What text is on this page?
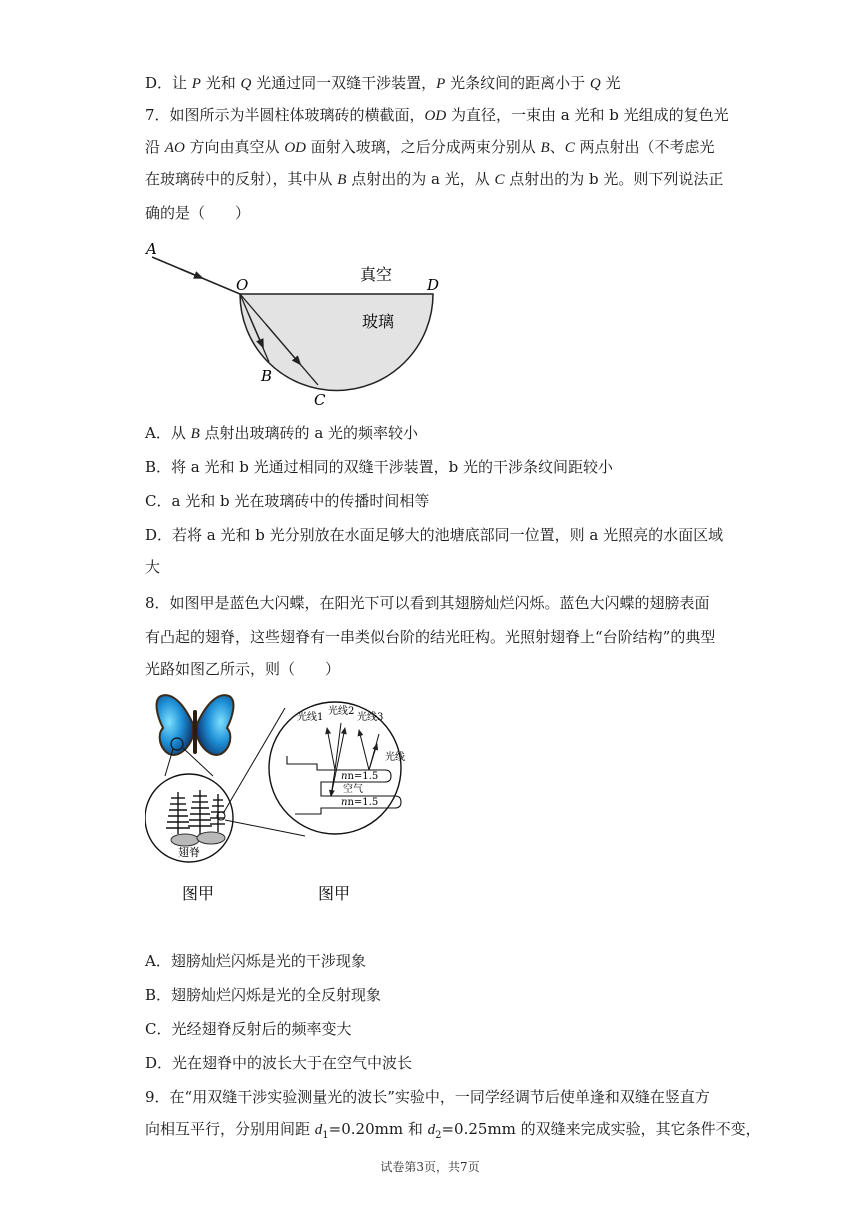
D．让 P 光和 Q 光通过同一双缝干涉装置，P 光条纹间的距离小于 Q 光
7．如图所示为半圆柱体玻璃砖的横截面，OD 为直径，一束由 a 光和 b 光组成的复色光
沿 AO 方向由真空从 OD 面射入玻璃，之后分成两束分别从 B、C 两点射出（不考虑光
在玻璃砖中的反射），其中从 B 点射出的为 a 光，从 C 点射出的为 b 光。则下列说法正
确的是（　　）
A
O	D
B
C
真空
玻璃
A．从 B 点射出玻璃砖的 a 光的频率较小
B．将 a 光和 b 光通过相同的双缝干涉装置，b 光的干涉条纹间距较小
C．a 光和 b 光在玻璃砖中的传播时间相等
D．若将 a 光和 b 光分别放在水面足够大的池塘底部同一位置，则 a 光照亮的水面区域
大
8．如图甲是蓝色大闪蝶，在阳光下可以看到其翅膀灿烂闪烁。蓝色大闪蝶的翅膀表面
有凸起的翅脊，这些翅脊有一串类似台阶的结光旺构。光照射翅脊上“台阶结构”的典型
光路如图乙所示，则（　　）
翅脊
nn=1.5
空气
nn=1.5
光线1
光线2
光线3
光线
图甲	图甲
A．翅膀灿烂闪烁是光的干涉现象
B．翅膀灿烂闪烁是光的全反射现象
C．光经翅脊反射后的频率变大
D．光在翅脊中的波长大于在空气中波长
9．在“用双缝干涉实验测量光的波长”实验中，一同学经调节后使单逢和双缝在竖直方
向相互平行，分别用间距 $d_1=0.20mm$ 和 $d_2=0.25mm$ 的双缝来完成实验，其它条件不变，
试卷第3页，共7页
